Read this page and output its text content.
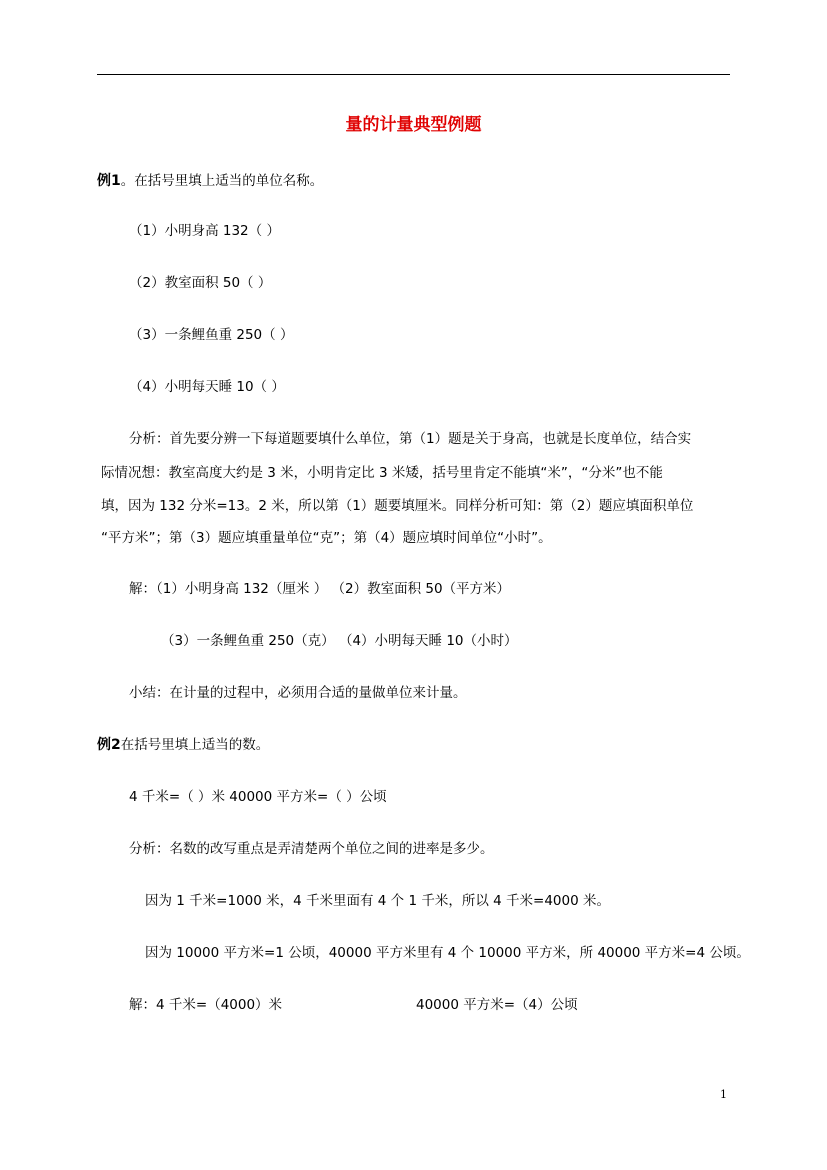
量的计量典型例题
例1。在括号里填上适当的单位名称。
（1）小明身高 132（ ）
（2）教室面积 50（ ）
（3）一条鲤鱼重 250（ ）
（4）小明每天睡 10（ ）
分析：首先要分辨一下每道题要填什么单位，第（1）题是关于身高，也就是长度单位，结合实
际情况想：教室高度大约是 3 米，小明肯定比 3 米矮，括号里肯定不能填“米”，“分米”也不能
填，因为 132 分米=13。2 米，所以第（1）题要填厘米。同样分析可知：第（2）题应填面积单位
“平方米”；第（3）题应填重量单位“克”；第（4）题应填时间单位“小时”。
解：（1）小明身高 132（厘米 ） （2）教室面积 50（平方米）
（3）一条鲤鱼重 250（克） （4）小明每天睡 10（小时）
小结：在计量的过程中，必须用合适的量做单位来计量。
例2在括号里填上适当的数。
4 千米=（ ）米 40000 平方米=（ ）公顷
分析：名数的改写重点是弄清楚两个单位之间的进率是多少。
因为 1 千米=1000 米，4 千米里面有 4 个 1 千米，所以 4 千米=4000 米。
因为 10000 平方米=1 公顷，40000 平方米里有 4 个 10000 平方米，所 40000 平方米=4 公顷。
解：4 千米=（4000）米	40000 平方米=（4）公顷
1
